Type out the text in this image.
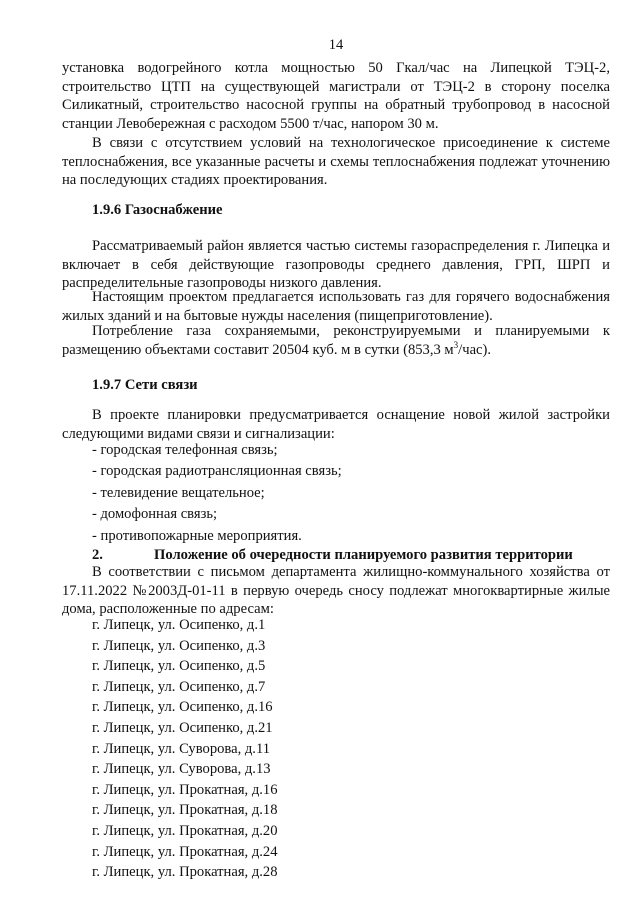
14

установка водогрейного котла мощностью 50 Гкал/час на Липецкой ТЭЦ-2, строительство ЦТП на существующей магистрали от ТЭЦ-2 в сторону поселка Силикатный, строительство насосной группы на обратный трубопровод в насосной станции Левобережная с расходом 5500 т/час, напором 30 м.

В связи с отсутствием условий на технологическое присоединение к системе теплоснабжения, все указанные расчеты и схемы теплоснабжения подлежат уточнению на последующих стадиях проектирования.

1.9.6 Газоснабжение

Рассматриваемый район является частью системы газораспределения г. Липецка и включает в себя действующие газопроводы среднего давления, ГРП, ШРП и распределительные газопроводы низкого давления.

Настоящим проектом предлагается использовать газ для горячего водоснабжения жилых зданий и на бытовые нужды населения (пищеприготовление).

Потребление газа сохраняемыми, реконструируемыми и планируемыми к размещению объектами составит 20504 куб. м в сутки (853,3 $м^3/час$).

1.9.7 Сети связи

В проекте планировки предусматривается оснащение новой жилой застройки следующими видами связи и сигнализации:

- городская телефонная связь;
- городская радиотрансляционная связь;
- телевидение вещательное;
- домофонная связь;
- противопожарные мероприятия.

2.	Положение об очередности планируемого развития территории

В соответствии с письмом департамента жилищно-коммунального хозяйства от 17.11.2022 №2003Д-01-11 в первую очередь сносу подлежат многоквартирные жилые дома, расположенные по адресам:

г. Липецк, ул. Осипенко, д.1
г. Липецк, ул. Осипенко, д.3
г. Липецк, ул. Осипенко, д.5
г. Липецк, ул. Осипенко, д.7
г. Липецк, ул. Осипенко, д.16
г. Липецк, ул. Осипенко, д.21
г. Липецк, ул. Суворова, д.11
г. Липецк, ул. Суворова, д.13
г. Липецк, ул. Прокатная, д.16
г. Липецк, ул. Прокатная, д.18
г. Липецк, ул. Прокатная, д.20
г. Липецк, ул. Прокатная, д.24
г. Липецк, ул. Прокатная, д.28
